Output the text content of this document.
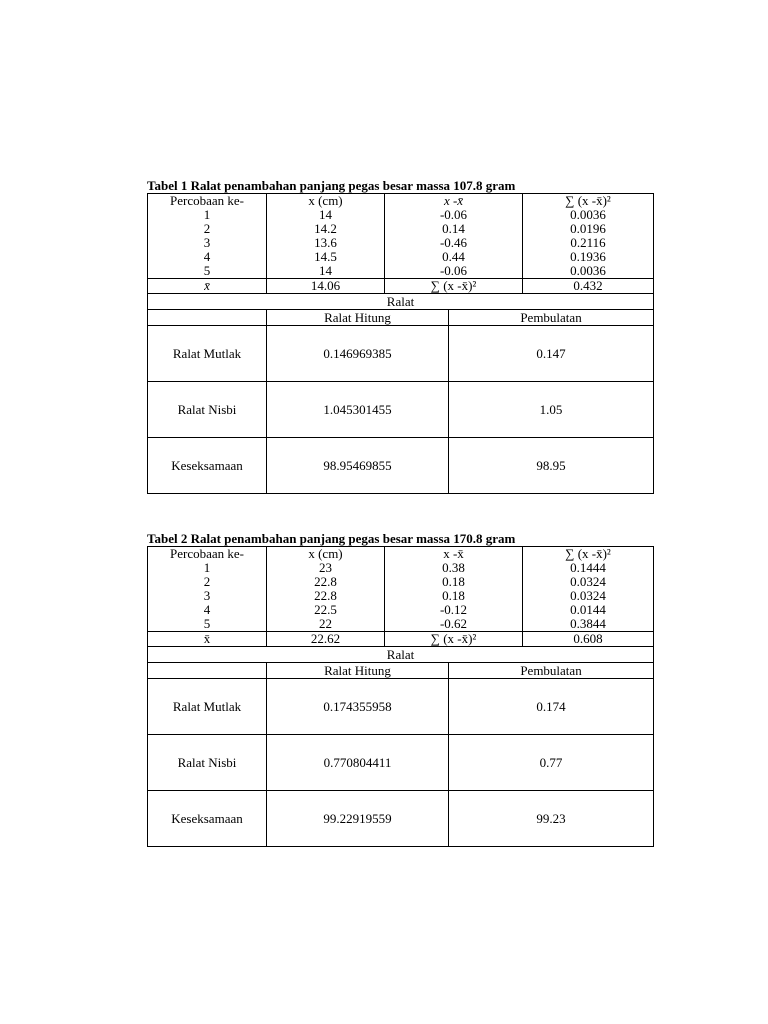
Tabel 1 Ralat penambahan panjang pegas besar massa 107.8 gram
Percobaan ke-	x (cm)	x -x̄	∑ (x -x̄)²
1	14	-0.06	0.0036
2	14.2	0.14	0.0196
3	13.6	-0.46	0.2116
4	14.5	0.44	0.1936
5	14	-0.06	0.0036
x̄	14.06	∑ (x -x̄)²	0.432
Ralat		
	Ralat Hitung	Pembulatan
Ralat Mutlak	0.146969385	0.147
Ralat Nisbi	1.045301455	1.05
Keseksamaan	98.95469855	98.95
Tabel 2 Ralat penambahan panjang pegas besar massa 170.8 gram
Percobaan ke-	x (cm)	x -x̄	∑ (x -x̄)²
1	23	0.38	0.1444
2	22.8	0.18	0.0324
3	22.8	0.18	0.0324
4	22.5	-0.12	0.0144
5	22	-0.62	0.3844
x̄	22.62	∑ (x -x̄)²	0.608
Ralat		
	Ralat Hitung	Pembulatan
Ralat Mutlak	0.174355958	0.174
Ralat Nisbi	0.770804411	0.77
Keseksamaan	99.22919559	99.23
